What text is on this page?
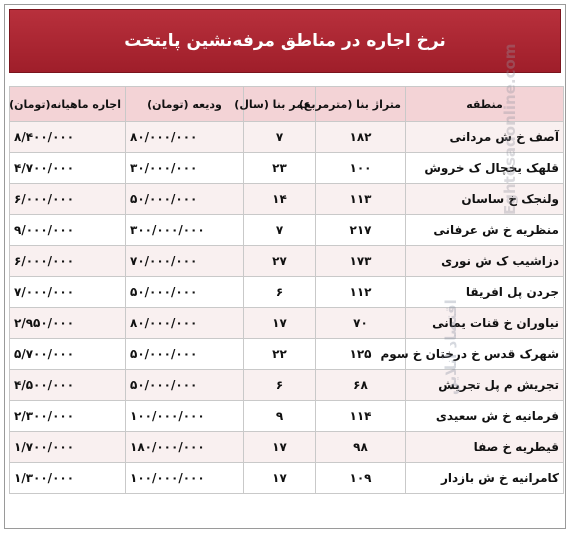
نرخ اجاره در مناطق مرفه‌نشین پایتخت
منطقه	متراژ بنا (مترمربع)	عمر بنا (سال)	ودیعه (تومان)	اجاره ماهیانه(تومان)
آصف خ ش مردانی	۱۸۲	۷	۸۰/۰۰۰/۰۰۰	۸/۴۰۰/۰۰۰
قلهک یخچال ک خروش	۱۰۰	۲۳	۳۰/۰۰۰/۰۰۰	۴/۷۰۰/۰۰۰
ولنجک خ ساسان	۱۱۳	۱۴	۵۰/۰۰۰/۰۰۰	۶/۰۰۰/۰۰۰
منظریه خ ش عرفانی	۲۱۷	۷	۳۰۰/۰۰۰/۰۰۰	۹/۰۰۰/۰۰۰
دزاشیب ک ش نوری	۱۷۳	۲۷	۷۰/۰۰۰/۰۰۰	۶/۰۰۰/۰۰۰
جردن پل افریقا	۱۱۲	۶	۵۰/۰۰۰/۰۰۰	۷/۰۰۰/۰۰۰
نیاوران خ قنات یمانی	۷۰	۱۷	۸۰/۰۰۰/۰۰۰	۲/۹۵۰/۰۰۰
شهرک قدس خ درختان خ سوم	۱۲۵	۲۲	۵۰/۰۰۰/۰۰۰	۵/۷۰۰/۰۰۰
تجریش م پل تجریش	۶۸	۶	۵۰/۰۰۰/۰۰۰	۴/۵۰۰/۰۰۰
فرمانیه خ ش سعیدی	۱۱۴	۹	۱۰۰/۰۰۰/۰۰۰	۲/۳۰۰/۰۰۰
قیطریه خ صفا	۹۸	۱۷	۱۸۰/۰۰۰/۰۰۰	۱/۷۰۰/۰۰۰
کامرانیه خ ش بازدار	۱۰۹	۱۷	۱۰۰/۰۰۰/۰۰۰	۱/۳۰۰/۰۰۰
Eghtesadonline.com
اقتصاد آنلاین
